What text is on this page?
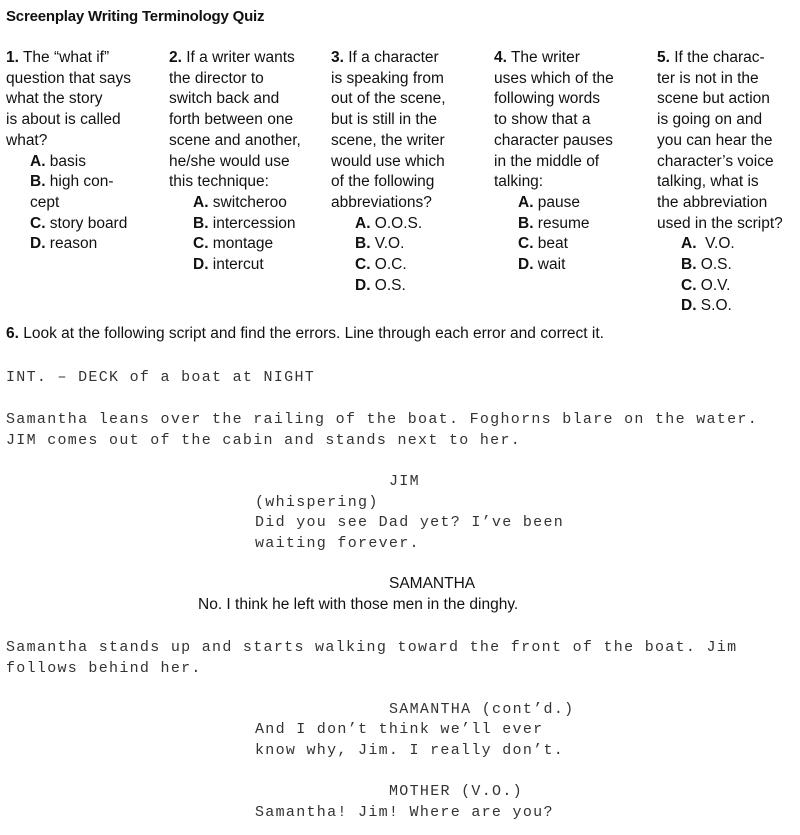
Screenplay Writing Terminology Quiz
1. The “what if”
question that says
what the story
is about is called
what?
A. basis
B. high con-
cept
C. story board
D. reason
2. If a writer wants
the director to
switch back and
forth between one
scene and another,
he/she would use
this technique:
A. switcheroo
B. intercession
C. montage
D. intercut
3. If a character
is speaking from
out of the scene,
but is still in the
scene, the writer
would use which
of the following
abbreviations?
A. O.O.S.
B. V.O.
C. O.C.
D. O.S.
4. The writer
uses which of the
following words
to show that a
character pauses
in the middle of
talking:
A. pause
B. resume
C. beat
D. wait
5. If the charac-
ter is not in the
scene but action
is going on and
you can hear the
character’s voice
talking, what is
the abbreviation
used in the script?
A.  V.O.
B. O.S.
C. O.V.
D. S.O.
6. Look at the following script and find the errors. Line through each error and correct it.
INT. – DECK of a boat at NIGHT
Samantha leans over the railing of the boat. Foghorns blare on the water.
JIM comes out of the cabin and stands next to her.
JIM
(whispering)
Did you see Dad yet? I’ve been
waiting forever.
SAMANTHA
No. I think he left with those men in the dinghy.
Samantha stands up and starts walking toward the front of the boat. Jim
follows behind her.
SAMANTHA (cont’d.)
And I don’t think we’ll ever
know why, Jim. I really don’t.
MOTHER (V.O.)
Samantha! Jim! Where are you?
